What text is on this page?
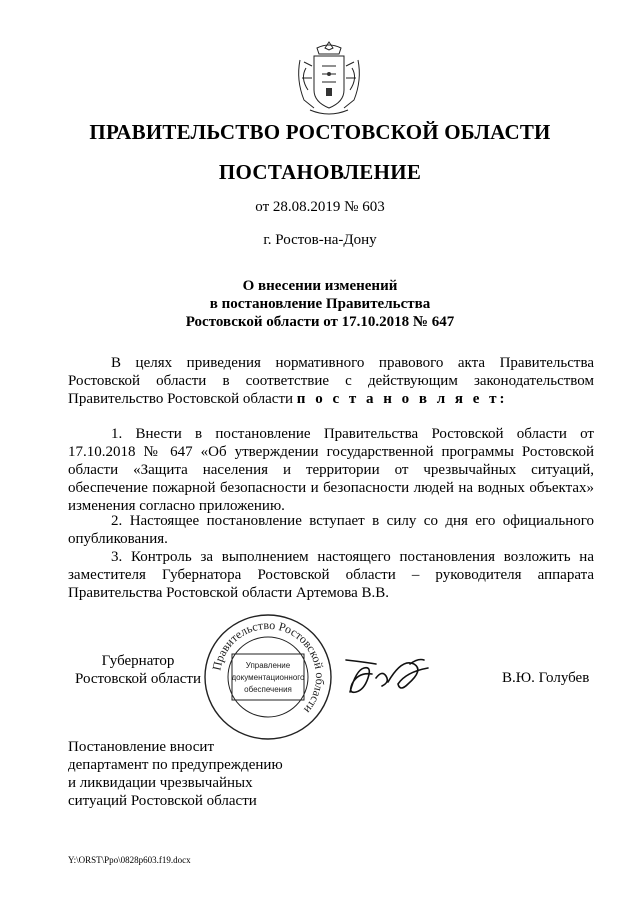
ПРАВИТЕЛЬСТВО РОСТОВСКОЙ ОБЛАСТИ
ПОСТАНОВЛЕНИЕ
от 28.08.2019 № 603
г. Ростов-на-Дону
О внесении изменений
в постановление Правительства
Ростовской области от 17.10.2018 № 647
В целях приведения нормативного правового акта Правительства Ростовской области в соответствие с действующим законодательством Правительство Ростовской области п о с т а н о в л я е т:
1. Внести в постановление Правительства Ростовской области от 17.10.2018 № 647 «Об утверждении государственной программы Ростовской области «Защита населения и территории от чрезвычайных ситуаций, обеспечение пожарной безопасности и безопасности людей на водных объектах» изменения согласно приложению.
2. Настоящее постановление вступает в силу со дня его официального опубликования.
3. Контроль за выполнением настоящего постановления возложить на заместителя Губернатора Ростовской области – руководителя аппарата Правительства Ростовской области Артемова В.В.
Губернатор
Ростовской области
Правительство Ростовской области
Управление
документационного
обеспечения
В.Ю. Голубев
Постановление вносит
департамент по предупреждению
и ликвидации чрезвычайных
ситуаций Ростовской области
Y:\ORST\Ppo\0828p603.f19.docx
